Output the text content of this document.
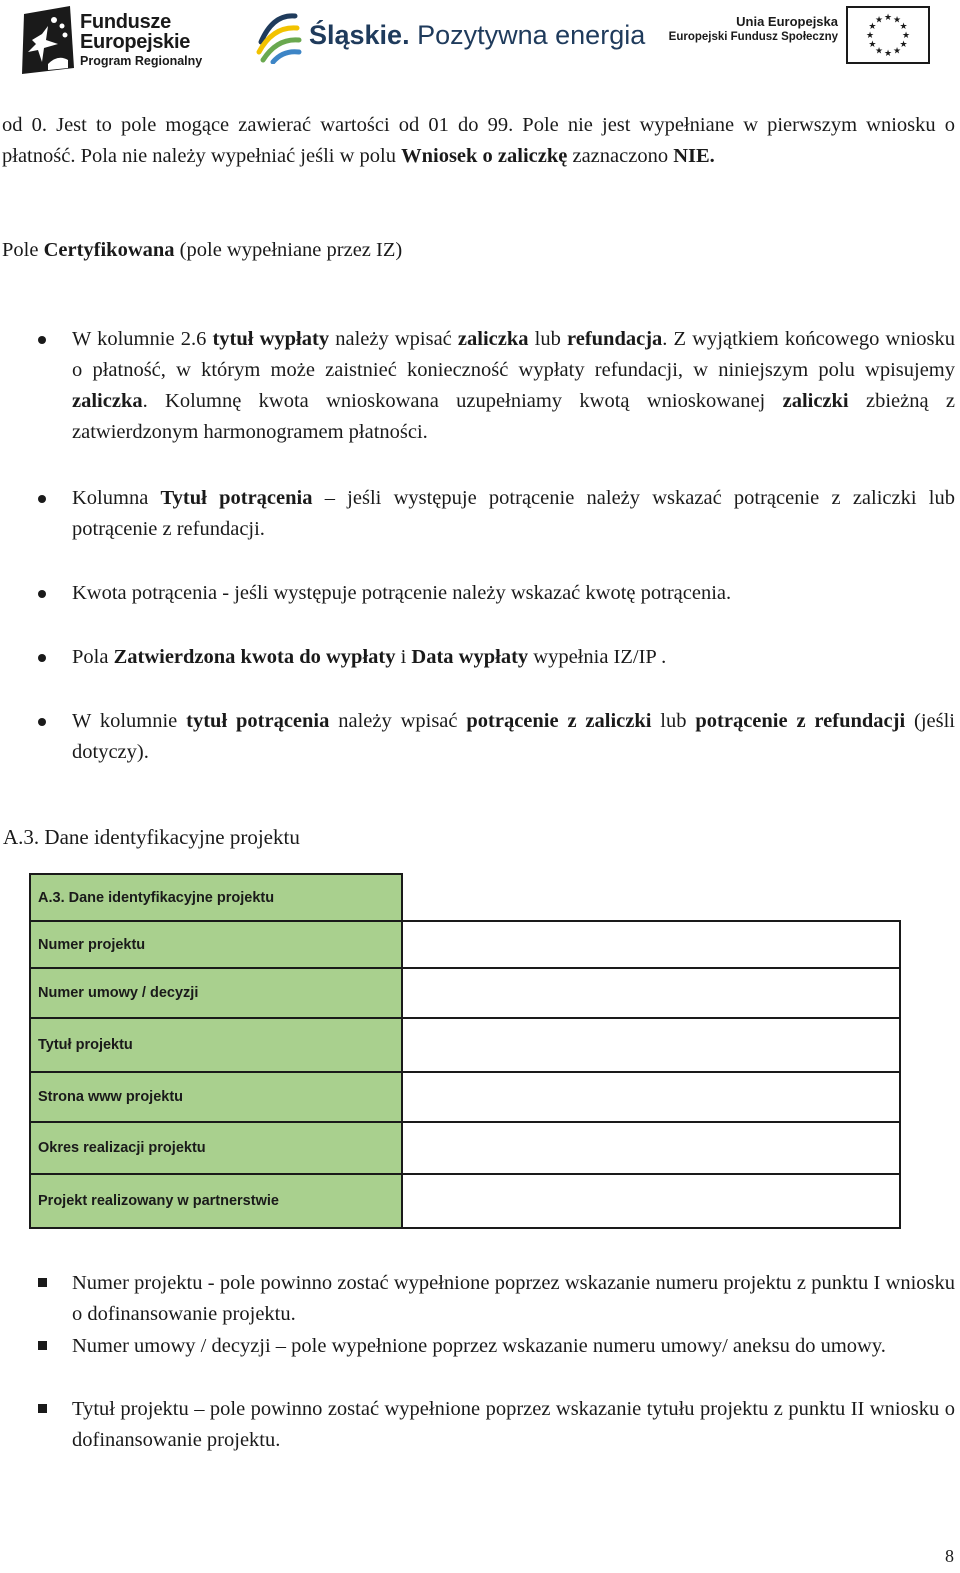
Fundusze
Europejskie
Program Regionalny
Śląskie. Pozytywna energia	Unia Europejska
Europejski Fundusz Społeczny
★ ★
★
★
★
★
★
★
★
★
★
★
od 0. Jest to pole mogące zawierać wartości od 01 do 99. Pole nie jest wypełniane w pierwszym wniosku o płatność. Pola nie należy wypełniać jeśli w polu Wniosek o zaliczkę zaznaczono NIE.
Pole Certyfikowana (pole wypełniane przez IZ)
W kolumnie 2.6 tytuł wypłaty należy wpisać zaliczka lub refundacja. Z wyjątkiem końcowego wniosku o płatność, w którym może zaistnieć konieczność wypłaty refundacji, w niniejszym polu wpisujemy zaliczka. Kolumnę kwota wnioskowana uzupełniamy kwotą wnioskowanej zaliczki zbieżną z zatwierdzonym harmonogramem płatności.
Kolumna Tytuł potrącenia – jeśli występuje potrącenie należy wskazać potrącenie z zaliczki lub potrącenie z refundacji.
Kwota potrącenia - jeśli występuje potrącenie należy wskazać kwotę potrącenia.
Pola Zatwierdzona kwota do wypłaty i Data wypłaty wypełnia IZ/IP .
W kolumnie tytuł potrącenia należy wpisać potrącenie z zaliczki lub potrącenie z refundacji (jeśli dotyczy).
A.3. Dane identyfikacyjne projektu
A.3. Dane identyfikacyjne projektu
Numer projektu
Numer umowy / decyzji
Tytuł projektu
Strona www projektu
Okres realizacji projektu
Projekt realizowany w partnerstwie
Numer projektu - pole powinno zostać wypełnione poprzez wskazanie numeru projektu z punktu I wniosku o dofinansowanie projektu.
Numer umowy / decyzji – pole wypełnione poprzez wskazanie numeru umowy/ aneksu do umowy.
Tytuł projektu – pole powinno zostać wypełnione poprzez wskazanie tytułu projektu z punktu II wniosku o dofinansowanie projektu.
8
